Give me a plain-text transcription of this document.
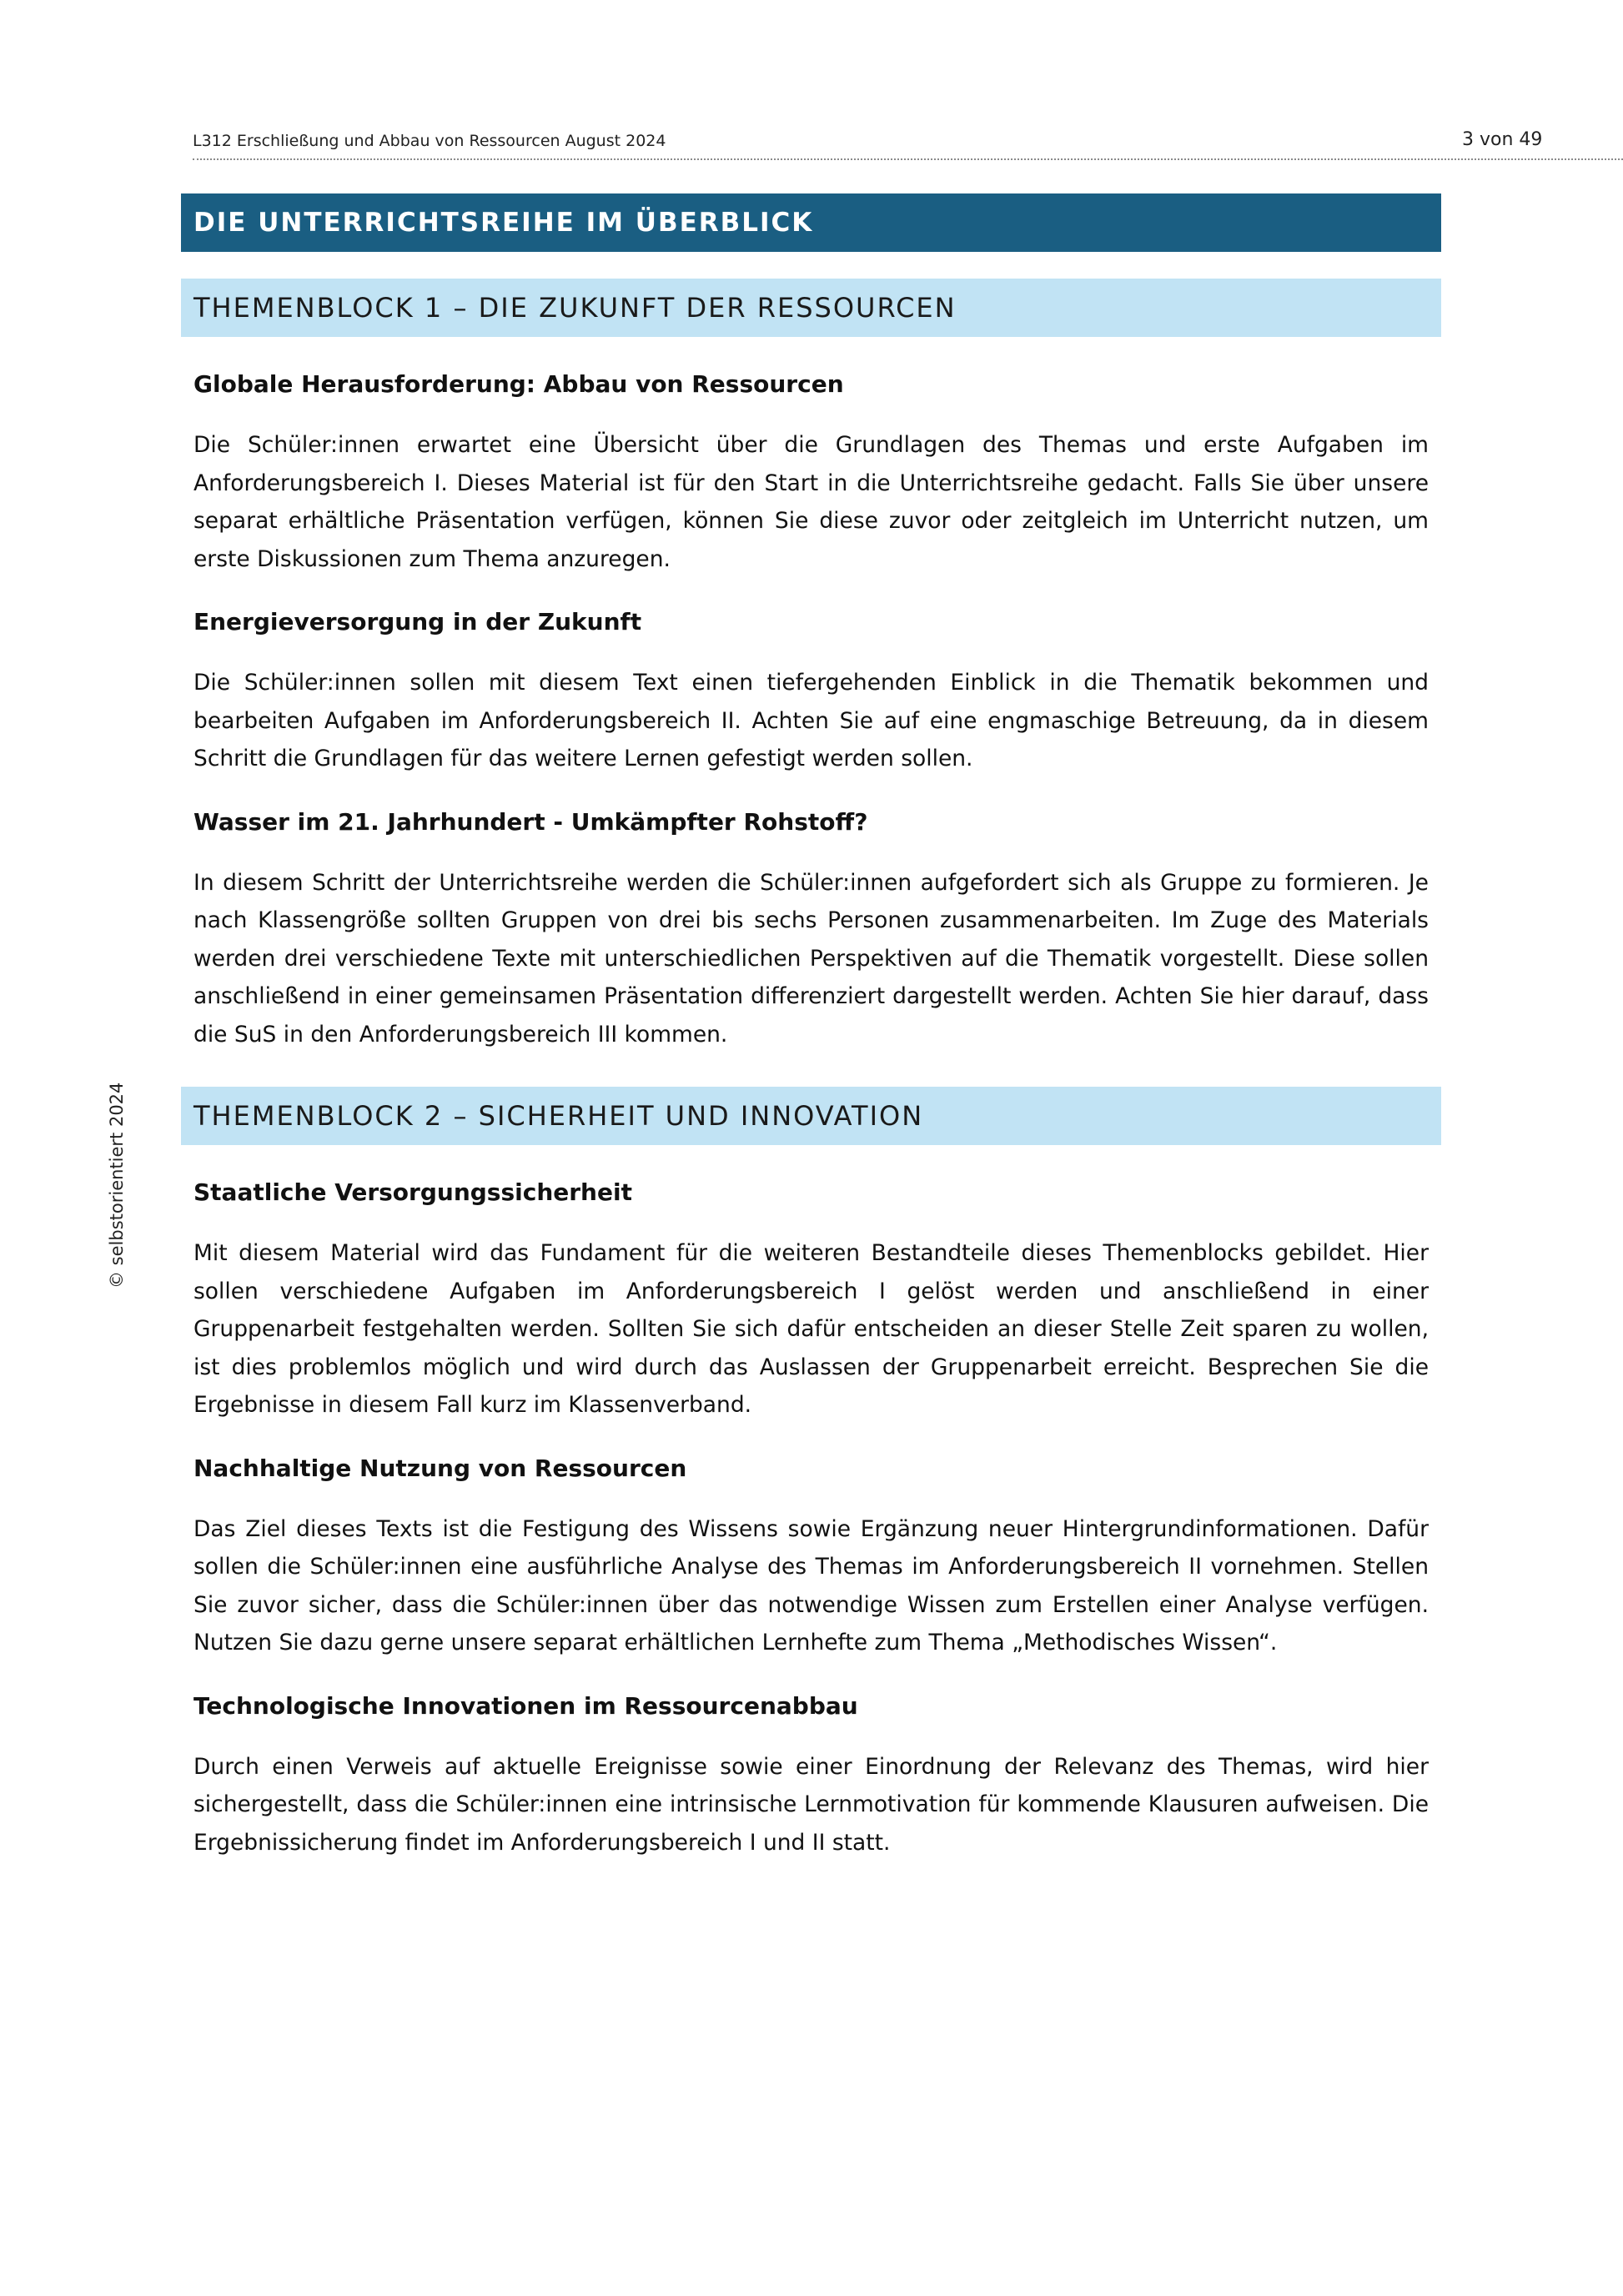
L312 Erschließung und Abbau von Ressourcen August 2024	3 von 49
© selbstorientiert 2024
DIE UNTERRICHTSREIHE IM ÜBERBLICK
THEMENBLOCK 1 – DIE ZUKUNFT DER RESSOURCEN
Globale Herausforderung: Abbau von Ressourcen

Die Schüler:innen erwartet eine Übersicht über die Grundlagen des Themas und erste Aufgaben im Anforderungsbereich I. Dieses Material ist für den Start in die Unterrichtsreihe gedacht. Falls Sie über unsere separat erhältliche Präsentation verfügen, können Sie diese zuvor oder zeitgleich im Unterricht nutzen, um erste Diskussionen zum Thema anzuregen.

Energieversorgung in der Zukunft

Die Schüler:innen sollen mit diesem Text einen tiefergehenden Einblick in die Thematik bekommen und bearbeiten Aufgaben im Anforderungsbereich II. Achten Sie auf eine engmaschige Betreuung, da in diesem Schritt die Grundlagen für das weitere Lernen gefestigt werden sollen.

Wasser im 21. Jahrhundert - Umkämpfter Rohstoff?

In diesem Schritt der Unterrichtsreihe werden die Schüler:innen aufgefordert sich als Gruppe zu formieren. Je nach Klassengröße sollten Gruppen von drei bis sechs Personen zusammenarbeiten. Im Zuge des Materials werden drei verschiedene Texte mit unterschiedlichen Perspektiven auf die Thematik vorgestellt. Diese sollen anschließend in einer gemeinsamen Präsentation differenziert dargestellt werden. Achten Sie hier darauf, dass die SuS in den Anforderungsbereich III kommen.

THEMENBLOCK 2 – SICHERHEIT UND INNOVATION
Staatliche Versorgungssicherheit

Mit diesem Material wird das Fundament für die weiteren Bestandteile dieses Themenblocks gebildet. Hier sollen verschiedene Aufgaben im Anforderungsbereich I gelöst werden und anschließend in einer Gruppenarbeit festgehalten werden. Sollten Sie sich dafür entscheiden an dieser Stelle Zeit sparen zu wollen, ist dies problemlos möglich und wird durch das Auslassen der Gruppenarbeit erreicht. Besprechen Sie die Ergebnisse in diesem Fall kurz im Klassenverband.

Nachhaltige Nutzung von Ressourcen

Das Ziel dieses Texts ist die Festigung des Wissens sowie Ergänzung neuer Hintergrundinformationen. Dafür sollen die Schüler:innen eine ausführliche Analyse des Themas im Anforderungsbereich II vornehmen. Stellen Sie zuvor sicher, dass die Schüler:innen über das notwendige Wissen zum Erstellen einer Analyse verfügen. Nutzen Sie dazu gerne unsere separat erhältlichen Lernhefte zum Thema „Methodisches Wissen“.

Technologische Innovationen im Ressourcenabbau

Durch einen Verweis auf aktuelle Ereignisse sowie einer Einordnung der Relevanz des Themas, wird hier sichergestellt, dass die Schüler:innen eine intrinsische Lernmotivation für kommende Klausuren aufweisen. Die Ergebnissicherung findet im Anforderungsbereich I und II statt.
